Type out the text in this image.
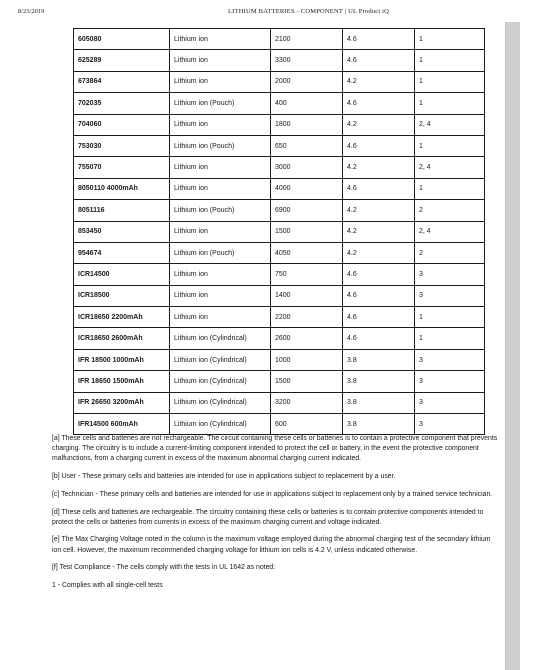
8/23/2019	LITHIUM BATTERIES - COMPONENT | UL Product iQ
605080	Lithium ion	2100	4.6	1
625289	Lithium ion	3300	4.6	1
673864	Lithium ion	2000	4.2	1
702035	Lithium ion (Pouch)	400	4.6	1
704060	Lithium ion	1800	4.2	2, 4
753030	Lithium ion (Pouch)	650	4.6	1
755070	Lithium ion	3000	4.2	2, 4
8050110 4000mAh	Lithium ion	4000	4.6	1
8051116	Lithium ion (Pouch)	6900	4.2	2
853450	Lithium ion	1500	4.2	2, 4
954674	Lithium ion (Pouch)	4050	4.2	2
ICR14500	Lithium ion	750	4.6	3
ICR18500	Lithium ion	1400	4.6	3
ICR18650 2200mAh	Lithium ion	2200	4.6	1
ICR18650 2600mAh	Lithium ion (Cylindrical)	2600	4.6	1
IFR 18500 1000mAh	Lithium ion (Cylindrical)	1000	3.8	3
IFR 18650 1500mAh	Lithium ion (Cylindrical)	1500	3.8	3
IFR 26650 3200mAh	Lithium ion (Cylindrical)	3200	3.8	3
IFR14500 600mAh	Lithium ion (Cylindrical)	600	3.8	3

[a] These cells and batteries are not rechargeable. The circuit containing these cells or batteries is to contain a protective component that prevents charging. The circuitry is to include a current-limiting component intended to protect the cell or battery, in the event the protective component malfunctions, from a charging current in excess of the maximum abnormal charging current indicated.

[b] User - These primary cells and batteries are intended for use in applications subject to replacement by a user.

[c] Technician - These primary cells and batteries are intended for use in applications subject to replacement only by a trained service technician.

[d] These cells and batteries are rechargeable. The circuitry containing these cells or batteries is to contain protective components intended to protect the cells or batteries from currents in excess of the maximum charging current and voltage indicated.

[e] The Max Charging Voltage noted in the column is the maximum voltage employed during the abnormal charging test of the secondary lithium ion cell. However, the maximum recommended charging voltage for lithium ion cells is 4.2 V, unless indicated otherwise.

[f] Test Compliance - The cells comply with the tests in UL 1642 as noted:

1 - Complies with all single-cell tests
